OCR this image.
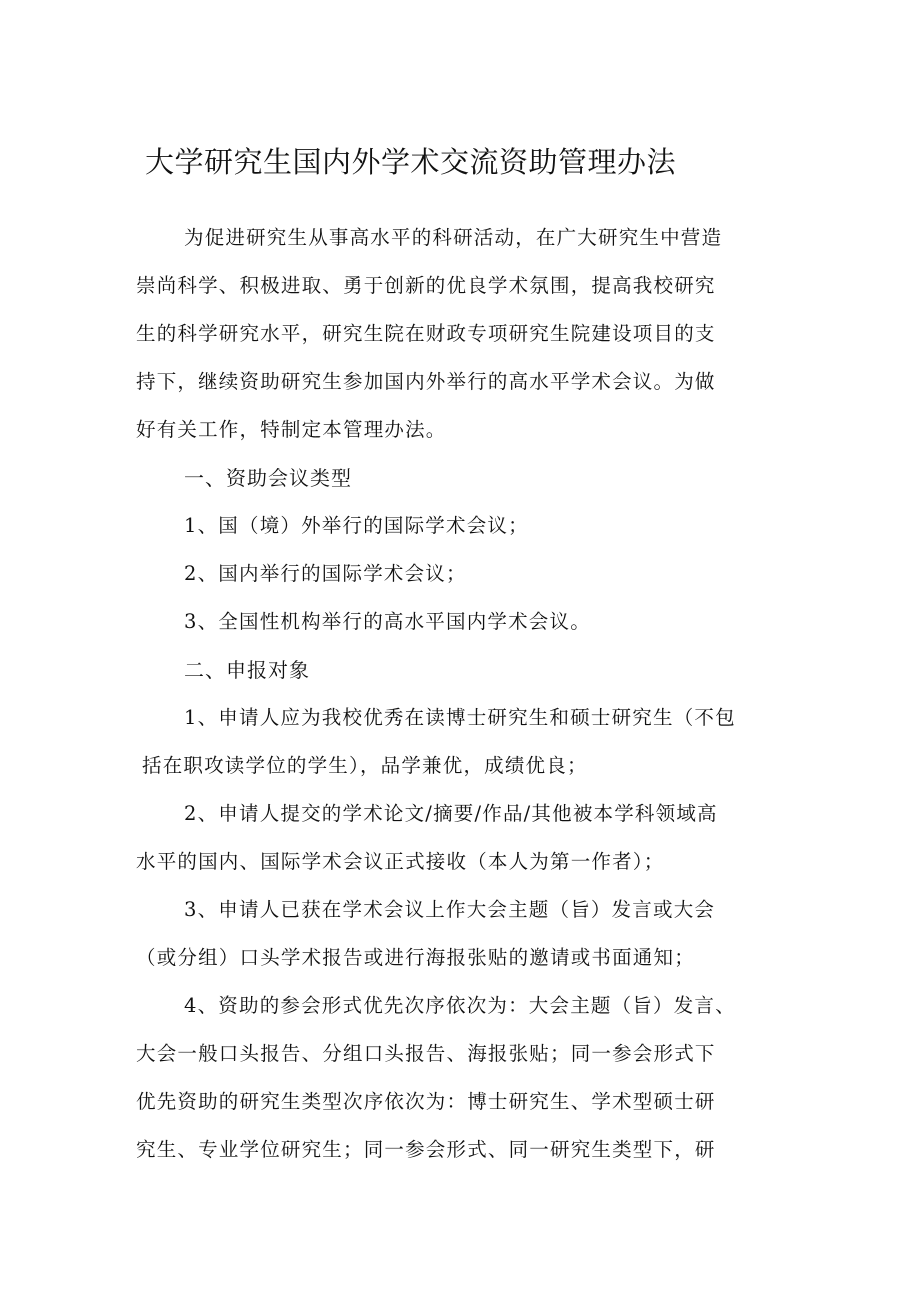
大学研究生国内外学术交流资助管理办法

为促进研究生从事高水平的科研活动，在广大研究生中营造

崇尚科学、积极进取、勇于创新的优良学术氛围，提高我校研究

生的科学研究水平，研究生院在财政专项研究生院建设项目的支

持下，继续资助研究生参加国内外举行的高水平学术会议。为做

好有关工作，特制定本管理办法。

一、资助会议类型

1、国（境）外举行的国际学术会议；

2、国内举行的国际学术会议；

3、全国性机构举行的高水平国内学术会议。

二、申报对象

1、申请人应为我校优秀在读博士研究生和硕士研究生（不包

括在职攻读学位的学生），品学兼优，成绩优良；

2、申请人提交的学术论文/摘要/作品/其他被本学科领域高

水平的国内、国际学术会议正式接收（本人为第一作者）；

3、申请人已获在学术会议上作大会主题（旨）发言或大会

（或分组）口头学术报告或进行海报张贴的邀请或书面通知；

4、资助的参会形式优先次序依次为：大会主题（旨）发言、

大会一般口头报告、分组口头报告、海报张贴；同一参会形式下

优先资助的研究生类型次序依次为：博士研究生、学术型硕士研

究生、专业学位研究生；同一参会形式、同一研究生类型下，研
